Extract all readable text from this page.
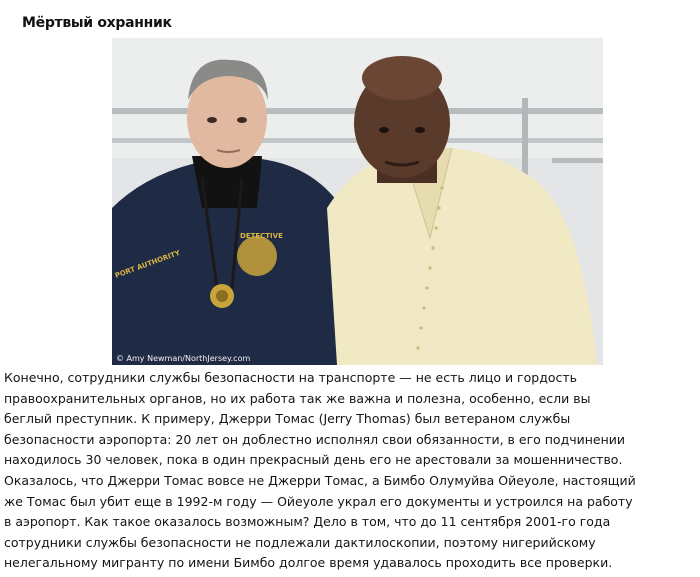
Мёртвый охранник
DETECTIVE
PORT AUTHORITY
© Amy Newman/NorthJersey.com

Конечно, сотрудники службы безопасности на транспорте — не есть лицо и гордость
правоохранительных органов, но их работа так же важна и полезна, особенно, если вы
беглый преступник. К примеру, Джерри Томас (Jerry Thomas) был ветераном службы
безопасности аэропорта: 20 лет он доблестно исполнял свои обязанности, в его подчинении
находилось 30 человек, пока в один прекрасный день его не арестовали за мошенничество.
Оказалось, что Джерри Томас вовсе не Джерри Томас, а Бимбо Олумуйва Ойеуоле, настоящий
же Томас был убит еще в 1992-м году — Ойеуоле украл его документы и устроился на работу
в аэропорт. Как такое оказалось возможным? Дело в том, что до 11 сентября 2001-го года
сотрудники службы безопасности не подлежали дактилоскопии, поэтому нигерийскому
нелегальному мигранту по имени Бимбо долгое время удавалось проходить все проверки.
